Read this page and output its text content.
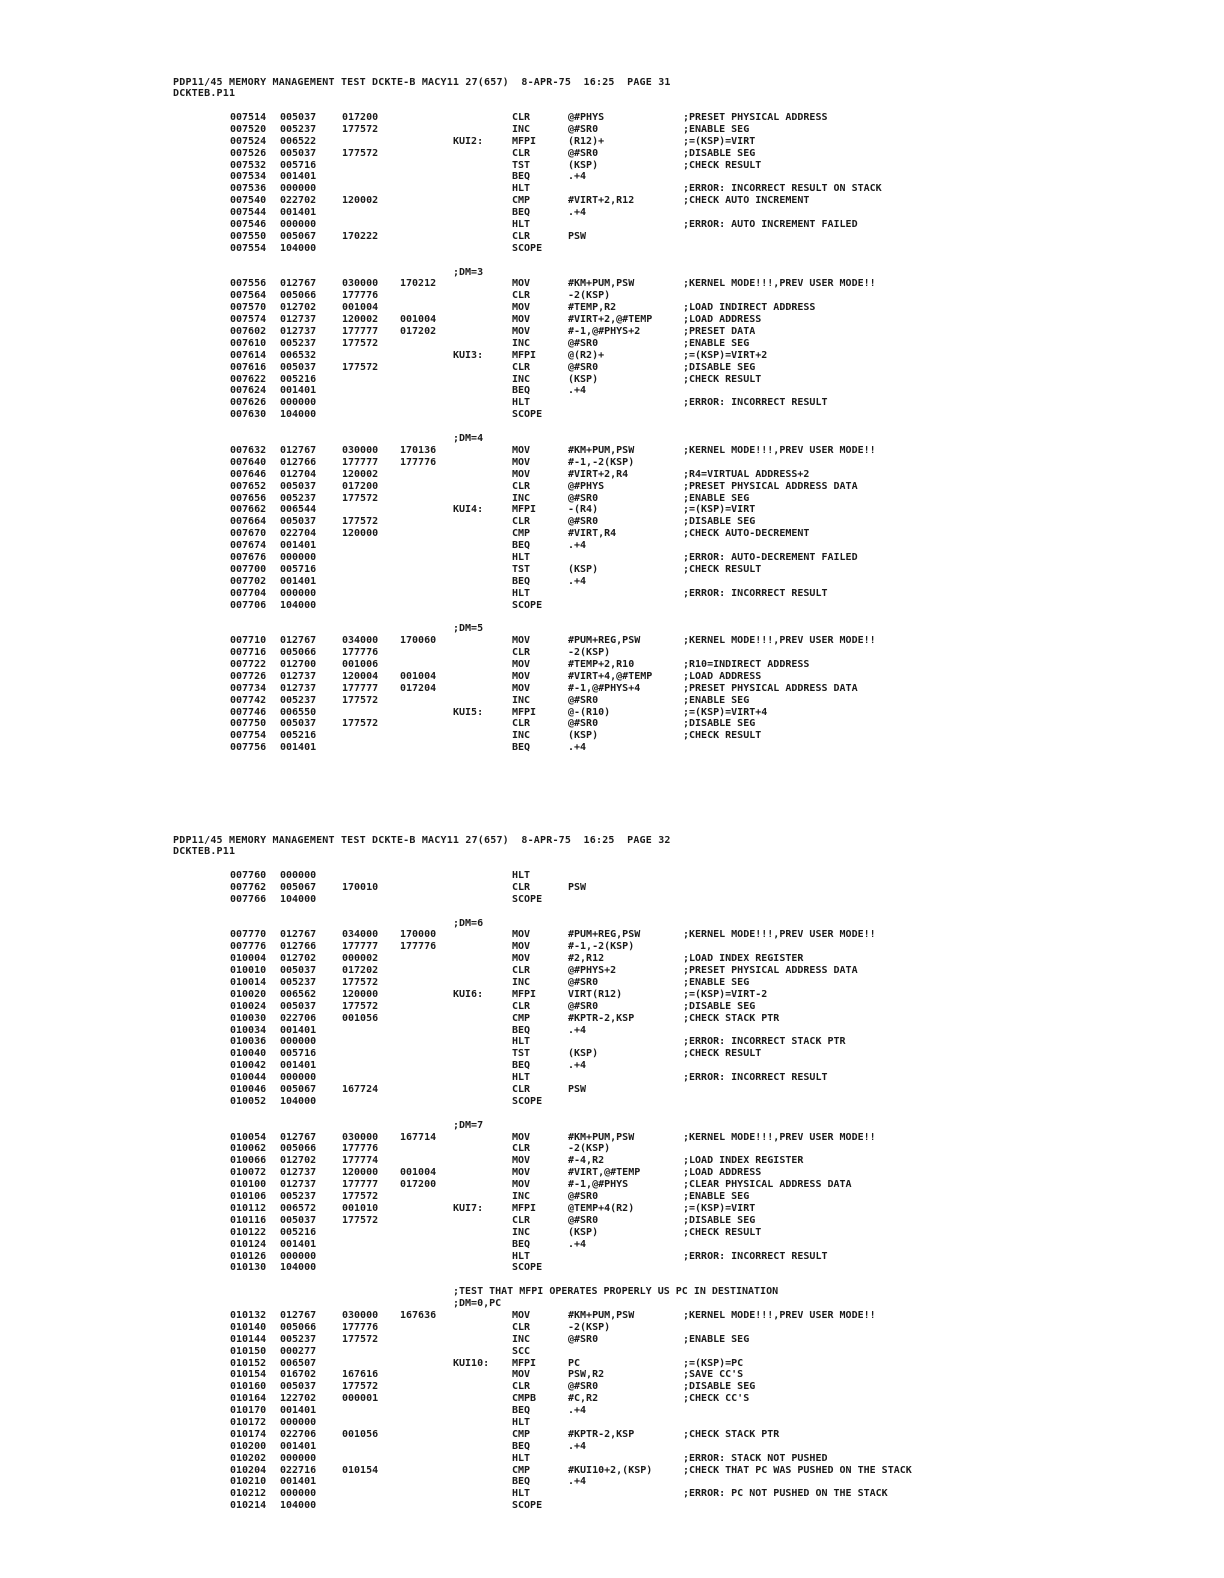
PDP11/45 MEMORY MANAGEMENT TEST DCKTE-B MACY11 27(657)  8-APR-75  16:25  PAGE 31
DCKTEB.P11
007514 005037	017200	CLR	@#PHYS	;PRESET PHYSICAL ADDRESS
007520 005237	177572	INC	@#SR0	;ENABLE SEG
007524 006522	KUI2:	MFPI	(R12)+	;=(KSP)=VIRT
007526 005037	177572	CLR	@#SR0	;DISABLE SEG
007532 005716	TST	(KSP)	;CHECK RESULT
007534 001401	BEQ	.+4
007536 000000	HLT	;ERROR: INCORRECT RESULT ON STACK
007540 022702	120002	CMP	#VIRT+2,R12	;CHECK AUTO INCREMENT
007544 001401	BEQ	.+4
007546 000000	HLT	;ERROR: AUTO INCREMENT FAILED
007550 005067	170222	CLR	PSW
007554 104000	SCOPE
;DM=3
007556 012767	030000 170212	MOV	#KM+PUM,PSW	;KERNEL MODE!!!,PREV USER MODE!!
007564 005066	177776	CLR	-2(KSP)
007570 012702	001004	MOV	#TEMP,R2	;LOAD INDIRECT ADDRESS
007574 012737	120002 001004	MOV	#VIRT+2,@#TEMP	;LOAD ADDRESS
007602 012737	177777 017202	MOV	#-1,@#PHYS+2	;PRESET DATA
007610 005237	177572	INC	@#SR0	;ENABLE SEG
007614 006532	KUI3:	MFPI	@(R2)+	;=(KSP)=VIRT+2
007616 005037	177572	CLR	@#SR0	;DISABLE SEG
007622 005216	INC	(KSP)	;CHECK RESULT
007624 001401	BEQ	.+4
007626 000000	HLT	;ERROR: INCORRECT RESULT
007630 104000	SCOPE
;DM=4
007632 012767	030000 170136	MOV	#KM+PUM,PSW	;KERNEL MODE!!!,PREV USER MODE!!
007640 012766	177777 177776	MOV	#-1,-2(KSP)
007646 012704	120002	MOV	#VIRT+2,R4	;R4=VIRTUAL ADDRESS+2
007652 005037	017200	CLR	@#PHYS	;PRESET PHYSICAL ADDRESS DATA
007656 005237	177572	INC	@#SR0	;ENABLE SEG
007662 006544	KUI4:	MFPI	-(R4)	;=(KSP)=VIRT
007664 005037	177572	CLR	@#SR0	;DISABLE SEG
007670 022704	120000	CMP	#VIRT,R4	;CHECK AUTO-DECREMENT
007674 001401	BEQ	.+4
007676 000000	HLT	;ERROR: AUTO-DECREMENT FAILED
007700 005716	TST	(KSP)	;CHECK RESULT
007702 001401	BEQ	.+4
007704 000000	HLT	;ERROR: INCORRECT RESULT
007706 104000	SCOPE
;DM=5
007710 012767	034000 170060	MOV	#PUM+REG,PSW	;KERNEL MODE!!!,PREV USER MODE!!
007716 005066	177776	CLR	-2(KSP)
007722 012700	001006	MOV	#TEMP+2,R10	;R10=INDIRECT ADDRESS
007726 012737	120004 001004	MOV	#VIRT+4,@#TEMP	;LOAD ADDRESS
007734 012737	177777 017204	MOV	#-1,@#PHYS+4	;PRESET PHYSICAL ADDRESS DATA
007742 005237	177572	INC	@#SR0	;ENABLE SEG
007746 006550	KUI5:	MFPI	@-(R10)	;=(KSP)=VIRT+4
007750 005037	177572	CLR	@#SR0	;DISABLE SEG
007754 005216	INC	(KSP)	;CHECK RESULT
007756 001401	BEQ	.+4
PDP11/45 MEMORY MANAGEMENT TEST DCKTE-B MACY11 27(657)  8-APR-75  16:25  PAGE 32
DCKTEB.P11
007760 000000	HLT
007762 005067	170010	CLR	PSW
007766 104000	SCOPE
;DM=6
007770 012767	034000 170000	MOV	#PUM+REG,PSW	;KERNEL MODE!!!,PREV USER MODE!!
007776 012766	177777 177776	MOV	#-1,-2(KSP)
010004 012702	000002	MOV	#2,R12	;LOAD INDEX REGISTER
010010 005037	017202	CLR	@#PHYS+2	;PRESET PHYSICAL ADDRESS DATA
010014 005237	177572	INC	@#SR0	;ENABLE SEG
010020 006562	120000	KUI6:	MFPI	VIRT(R12)	;=(KSP)=VIRT-2
010024 005037	177572	CLR	@#SR0	;DISABLE SEG
010030 022706	001056	CMP	#KPTR-2,KSP	;CHECK STACK PTR
010034 001401	BEQ	.+4
010036 000000	HLT	;ERROR: INCORRECT STACK PTR
010040 005716	TST	(KSP)	;CHECK RESULT
010042 001401	BEQ	.+4
010044 000000	HLT	;ERROR: INCORRECT RESULT
010046 005067	167724	CLR	PSW
010052 104000	SCOPE
;DM=7
010054 012767	030000 167714	MOV	#KM+PUM,PSW	;KERNEL MODE!!!,PREV USER MODE!!
010062 005066	177776	CLR	-2(KSP)
010066 012702	177774	MOV	#-4,R2	;LOAD INDEX REGISTER
010072 012737	120000 001004	MOV	#VIRT,@#TEMP	;LOAD ADDRESS
010100 012737	177777 017200	MOV	#-1,@#PHYS	;CLEAR PHYSICAL ADDRESS DATA
010106 005237	177572	INC	@#SR0	;ENABLE SEG
010112 006572	001010	KUI7:	MFPI	@TEMP+4(R2)	;=(KSP)=VIRT
010116 005037	177572	CLR	@#SR0	;DISABLE SEG
010122 005216	INC	(KSP)	;CHECK RESULT
010124 001401	BEQ	.+4
010126 000000	HLT	;ERROR: INCORRECT RESULT
010130 104000	SCOPE
;TEST THAT MFPI OPERATES PROPERLY US PC IN DESTINATION
;DM=0,PC
010132 012767	030000 167636	MOV	#KM+PUM,PSW	;KERNEL MODE!!!,PREV USER MODE!!
010140 005066	177776	CLR	-2(KSP)
010144 005237	177572	INC	@#SR0	;ENABLE SEG
010150 000277	SCC
010152 006507	KUI10: MFPI	PC	;=(KSP)=PC
010154 016702	167616	MOV	PSW,R2	;SAVE CC'S
010160 005037	177572	CLR	@#SR0	;DISABLE SEG
010164 122702	000001	CMPB	#C,R2	;CHECK CC'S
010170 001401	BEQ	.+4
010172 000000	HLT
010174 022706	001056	CMP	#KPTR-2,KSP	;CHECK STACK PTR
010200 001401	BEQ	.+4
010202 000000	HLT	;ERROR: STACK NOT PUSHED
010204 022716	010154	CMP	#KUI10+2,(KSP)	;CHECK THAT PC WAS PUSHED ON THE STACK
010210 001401	BEQ	.+4
010212 000000	HLT	;ERROR: PC NOT PUSHED ON THE STACK
010214 104000	SCOPE
